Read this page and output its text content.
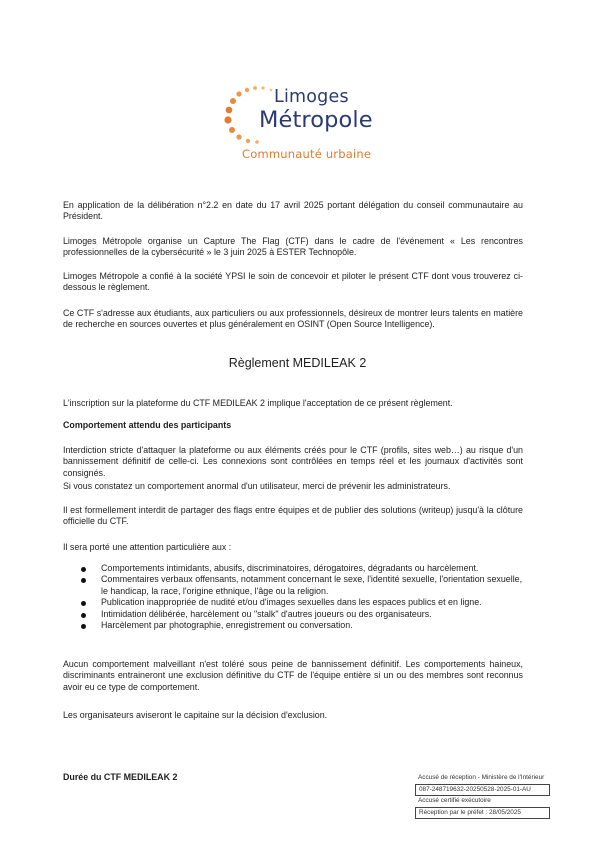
Limoges
Métropole
Communauté urbaine

En application de la délibération n°2.2 en date du 17 avril 2025 portant délégation du conseil communautaire au Président.

Limoges Métropole organise un Capture The Flag (CTF) dans le cadre de l'événement « Les rencontres professionnelles de la cybersécurité » le 3 juin 2025 à ESTER Technopôle.

Limoges Métropole a confié à la société YPSI le soin de concevoir et piloter le présent CTF dont vous trouverez ci-dessous le règlement.

Ce CTF s'adresse aux étudiants, aux particuliers ou aux professionnels, désireux de montrer leurs talents en matière de recherche en sources ouvertes et plus généralement en OSINT (Open Source Intelligence).

Règlement MEDILEAK 2

L'inscription sur la plateforme du CTF MEDILEAK 2 implique l'acceptation de ce présent règlement.

Comportement attendu des participants

Interdiction stricte d'attaquer la plateforme ou aux éléments créés pour le CTF (profils, sites web…) au risque d'un bannissement définitif de celle-ci. Les connexions sont contrôlées en temps réel et les journaux d'activités sont consignés.

Si vous constatez un comportement anormal d'un utilisateur, merci de prévenir les administrateurs.

Il est formellement interdit de partager des flags entre équipes et de publier des solutions (writeup) jusqu'à la clôture officielle du CTF.

Il sera porté une attention particulière aux :

Comportements intimidants, abusifs, discriminatoires, dérogatoires, dégradants ou harcèlement.
Commentaires verbaux offensants, notamment concernant le sexe, l'identité sexuelle, l'orientation sexuelle, le handicap, la race, l'origine ethnique, l'âge ou la religion.
Publication inappropriée de nudité et/ou d'images sexuelles dans les espaces publics et en ligne.
Intimidation délibérée, harcèlement ou "stalk" d'autres joueurs ou des organisateurs.
Harcèlement par photographie, enregistrement ou conversation.

Aucun comportement malveillant n'est toléré sous peine de bannissement définitif. Les comportements haineux, discriminants entraineront une exclusion définitive du CTF de l'équipe entière si un ou des membres sont reconnus avoir eu ce type de comportement.

Les organisateurs aviseront le capitaine sur la décision d'exclusion.

Durée du CTF MEDILEAK 2	Accusé de réception - Ministère de l'Intérieur
087-248719632-20250528-2025-01-AU
Accusé certifié exécutoire
Réception par le préfet : 28/05/2025
